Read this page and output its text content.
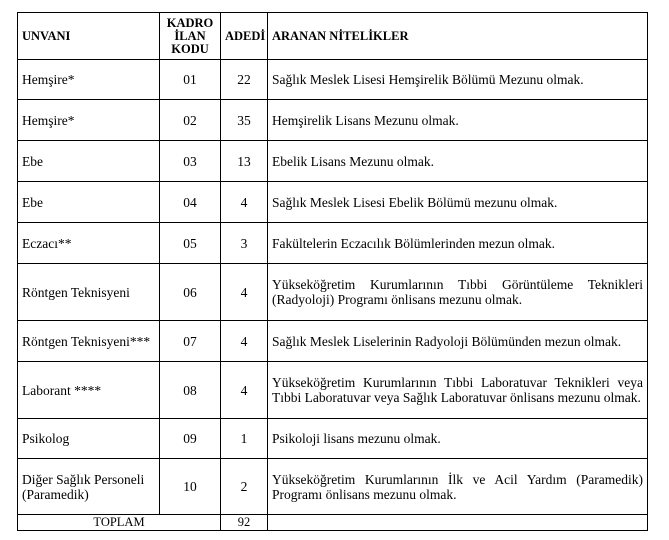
UNVANI	KADRO
İLAN
KODU	ADEDİ	ARANAN NİTELİKLER
Hemşire*	01	22	Sağlık Meslek Lisesi Hemşirelik Bölümü Mezunu olmak.
Hemşire*	02	35	Hemşirelik Lisans Mezunu olmak.
Ebe	03	13	Ebelik Lisans Mezunu olmak.
Ebe	04	4	Sağlık Meslek Lisesi Ebelik Bölümü mezunu olmak.
Eczacı**	05	3	Fakültelerin Eczacılık Bölümlerinden mezun olmak.
Röntgen Teknisyeni	06	4	Yükseköğretim Kurumlarının Tıbbi Görüntüleme Teknikleri (Radyoloji) Programı önlisans mezunu olmak.
Röntgen Teknisyeni***	07	4	Sağlık Meslek Liselerinin Radyoloji Bölümünden mezun olmak.
Laborant ****	08	4	Yükseköğretim Kurumlarının Tıbbi Laboratuvar Teknikleri veya Tıbbi Laboratuvar veya Sağlık Laboratuvar önlisans mezunu olmak.
Psikolog	09	1	Psikoloji lisans mezunu olmak.
Diğer Sağlık Personeli (Paramedik)	10	2	Yükseköğretim Kurumlarının İlk ve Acil Yardım (Paramedik) Programı önlisans mezunu olmak.
TOPLAM		92	
